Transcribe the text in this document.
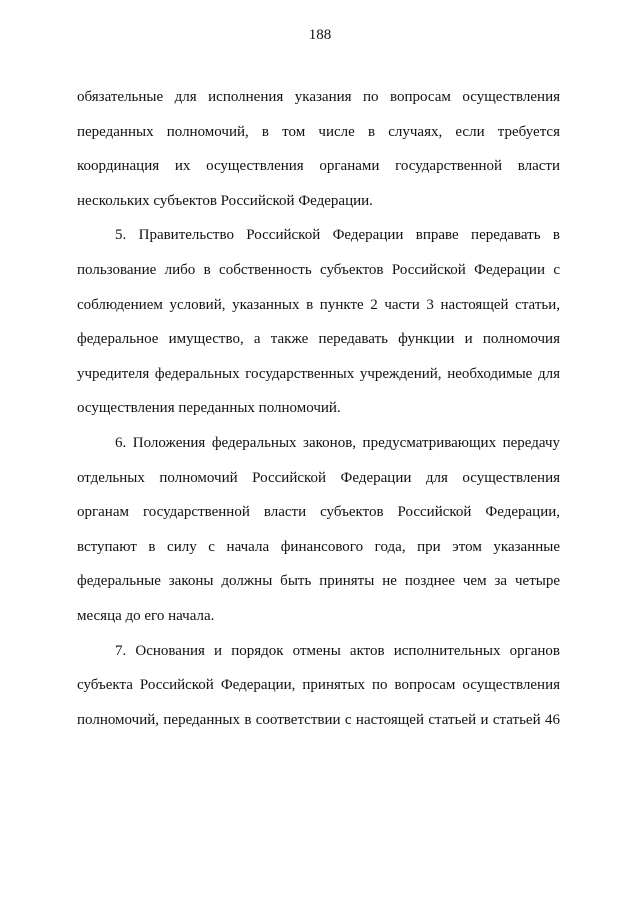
188
обязательные для исполнения указания по вопросам осуществления
переданных полномочий, в том числе в случаях, если требуется
координация их осуществления органами государственной власти
нескольких субъектов Российской Федерации.
5. Правительство Российской Федерации вправе передавать в
пользование либо в собственность субъектов Российской Федерации с
соблюдением условий, указанных в пункте 2 части 3 настоящей статьи,
федеральное имущество, а также передавать функции и полномочия
учредителя федеральных государственных учреждений, необходимые для
осуществления переданных полномочий.
6. Положения федеральных законов, предусматривающих передачу
отдельных полномочий Российской Федерации для осуществления
органам государственной власти субъектов Российской Федерации,
вступают в силу с начала финансового года, при этом указанные
федеральные законы должны быть приняты не позднее чем за четыре
месяца до его начала.
7. Основания и порядок отмены актов исполнительных органов
субъекта Российской Федерации, принятых по вопросам осуществления
полномочий, переданных в соответствии с настоящей статьей и статьей 46
